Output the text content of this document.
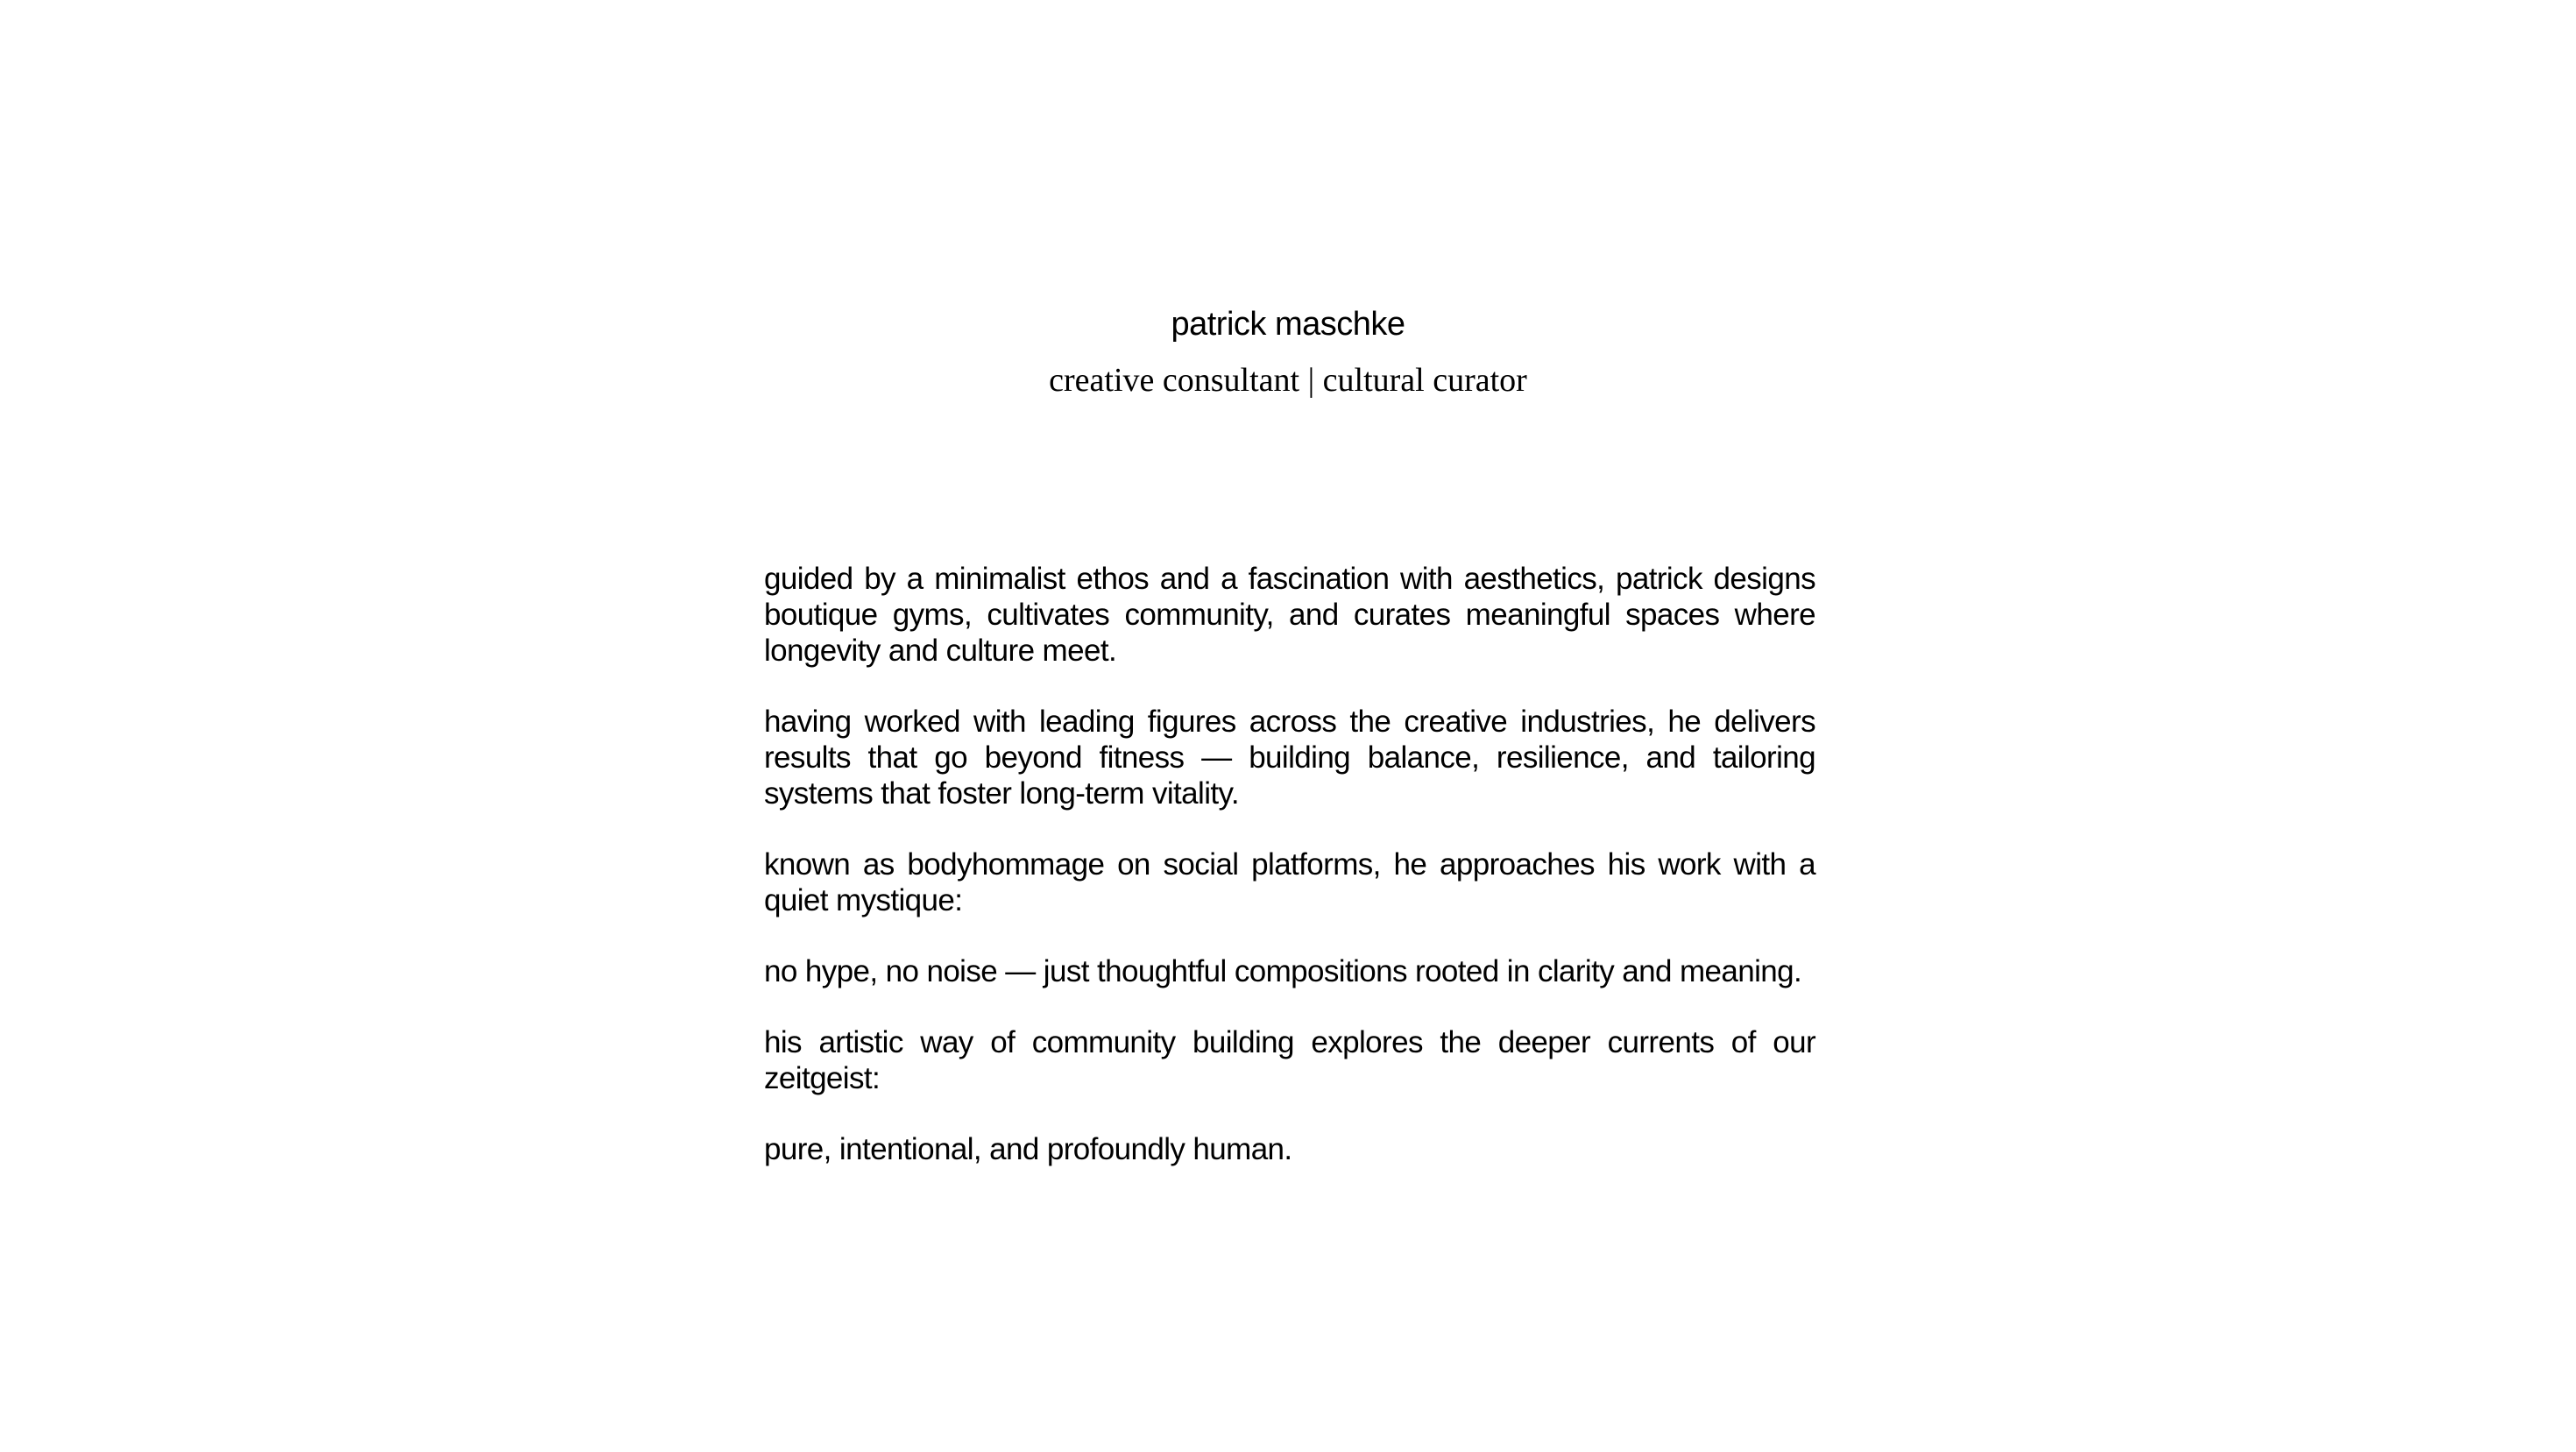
patrick maschke
creative consultant | cultural curator

guided by a minimalist ethos and a fascination with aesthetics, patrick designs boutique gyms, cultivates community, and curates meaningful spaces where longevity and culture meet.

having worked with leading figures across the creative industries, he delivers results that go beyond fitness — building balance, resilience, and tailoring systems that foster long-term vitality.

known as bodyhommage on social platforms, he approaches his work with a quiet mystique:

no hype, no noise — just thoughtful compositions rooted in clarity and meaning.

his artistic way of community building explores the deeper currents of our zeitgeist:

pure, intentional, and profoundly human.
